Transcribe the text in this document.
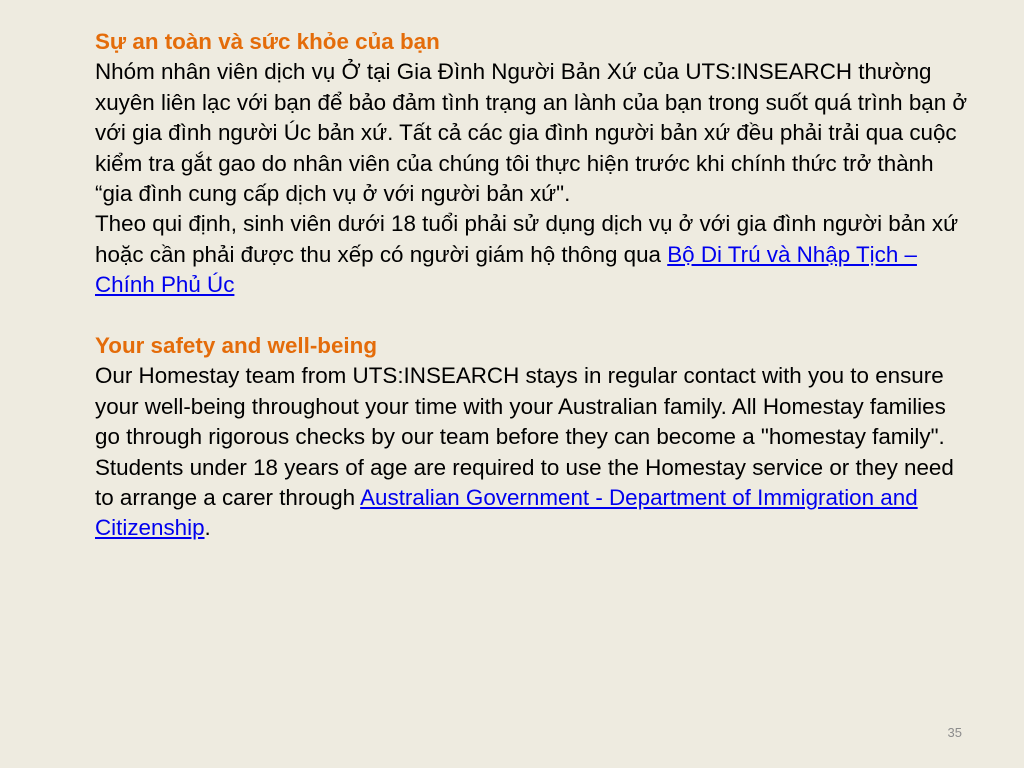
Sự an toàn và sức khỏe của bạn

Nhóm nhân viên dịch vụ Ở tại Gia Đình Người Bản Xứ của UTS:INSEARCH thường xuyên liên lạc với bạn để bảo đảm tình trạng an lành của bạn trong suốt quá trình bạn ở với gia đình người Úc bản xứ. Tất cả các gia đình người bản xứ đều phải trải qua cuộc kiểm tra gắt gao do nhân viên của chúng tôi thực hiện trước khi chính thức trở thành “gia đình cung cấp dịch vụ ở với người bản xứ".

Theo qui định, sinh viên dưới 18 tuổi phải sử dụng dịch vụ ở với gia đình người bản xứ hoặc cần phải được thu xếp có người giám hộ thông qua Bộ Di Trú và Nhập Tịch – Chính Phủ Úc

Your safety and well-being

Our Homestay team from UTS:INSEARCH stays in regular contact with you to ensure your well-being throughout your time with your Australian family. All Homestay families go through rigorous checks by our team before they can become a "homestay family".

Students under 18 years of age are required to use the Homestay service or they need to arrange a carer through Australian Government - Department of Immigration and Citizenship.

35
